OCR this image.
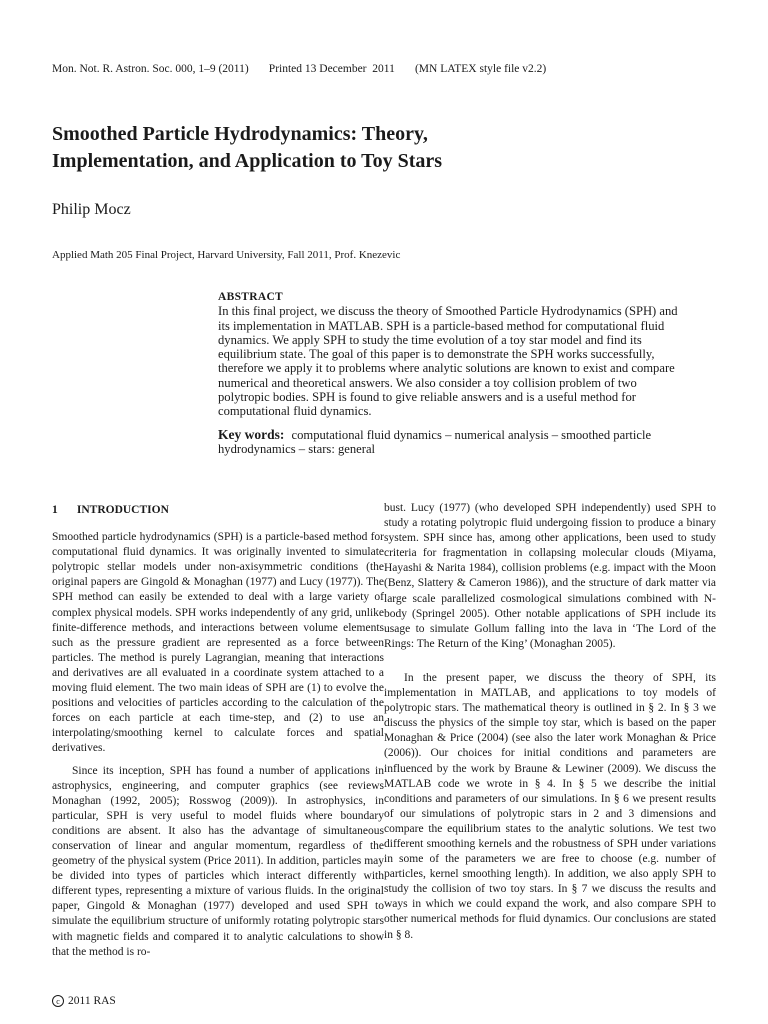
Mon. Not. R. Astron. Soc. 000, 1–9 (2011)       Printed 13 December  2011       (MN LATEX style file v2.2)
Smoothed Particle Hydrodynamics: Theory,
Implementation, and Application to Toy Stars
Philip Mocz
Applied Math 205 Final Project, Harvard University, Fall 2011, Prof. Knezevic
ABSTRACT
In this final project, we discuss the theory of Smoothed Particle Hydrodynamics (SPH) and its implementation in MATLAB. SPH is a particle-based method for computational fluid dynamics. We apply SPH to study the time evolution of a toy star model and find its equilibrium state. The goal of this paper is to demonstrate the SPH works successfully, therefore we apply it to problems where analytic solutions are known to exist and compare numerical and theoretical answers. We also consider a toy collision problem of two polytropic bodies. SPH is found to give reliable answers and is a useful method for computational fluid dynamics.
Key words: computational fluid dynamics – numerical analysis – smoothed particle hydrodynamics – stars: general
1 INTRODUCTION

Smoothed particle hydrodynamics (SPH) is a particle-based method for computational fluid dynamics. It was originally invented to simulate polytropic stellar models under non-axisymmetric conditions (the original papers are Gingold & Monaghan (1977) and Lucy (1977)). The SPH method can easily be extended to deal with a large variety of complex physical models. SPH works independently of any grid, unlike finite-difference methods, and interactions between volume elements such as the pressure gradient are represented as a force between particles. The method is purely Lagrangian, meaning that interactions and derivatives are all evaluated in a coordinate system attached to a moving fluid element. The two main ideas of SPH are (1) to evolve the positions and velocities of particles according to the calculation of the forces on each particle at each time-step, and (2) to use an interpolating/smoothing kernel to calculate forces and spatial derivatives.

Since its inception, SPH has found a number of applications in astrophysics, engineering, and computer graphics (see reviews Monaghan (1992, 2005); Rosswog (2009)). In astrophysics, in particular, SPH is very useful to model fluids where boundary conditions are absent. It also has the advantage of simultaneous conservation of linear and angular momentum, regardless of the geometry of the physical system (Price 2011). In addition, particles may be divided into types of particles which interact differently with different types, representing a mixture of various fluids. In the original paper, Gingold & Monaghan (1977) developed and used SPH to simulate the equilibrium structure of uniformly rotating polytropic stars with magnetic fields and compared it to analytic calculations to show that the method is ro-

bust. Lucy (1977) (who developed SPH independently) used SPH to study a rotating polytropic fluid undergoing fission to produce a binary system. SPH since has, among other applications, been used to study criteria for fragmentation in collapsing molecular clouds (Miyama, Hayashi & Narita 1984), collision problems (e.g. impact with the Moon (Benz, Slattery & Cameron 1986)), and the structure of dark matter via large scale parallelized cosmological simulations combined with N-body (Springel 2005). Other notable applications of SPH include its usage to simulate Gollum falling into the lava in ‘The Lord of the Rings: The Return of the King’ (Monaghan 2005).

In the present paper, we discuss the theory of SPH, its implementation in MATLAB, and applications to toy models of polytropic stars. The mathematical theory is outlined in § 2. In § 3 we discuss the physics of the simple toy star, which is based on the paper Monaghan & Price (2004) (see also the later work Monaghan & Price (2006)). Our choices for initial conditions and parameters are influenced by the work by Braune & Lewiner (2009). We discuss the MATLAB code we wrote in § 4. In § 5 we describe the initial conditions and parameters of our simulations. In § 6 we present results of our simulations of polytropic stars in 2 and 3 dimensions and compare the equilibrium states to the analytic solutions. We test two different smoothing kernels and the robustness of SPH under variations in some of the parameters we are free to choose (e.g. number of particles, kernel smoothing length). In addition, we also apply SPH to study the collision of two toy stars. In § 7 we discuss the results and ways in which we could expand the work, and also compare SPH to other numerical methods for fluid dynamics. Our conclusions are stated in § 8.

c 2011 RAS
